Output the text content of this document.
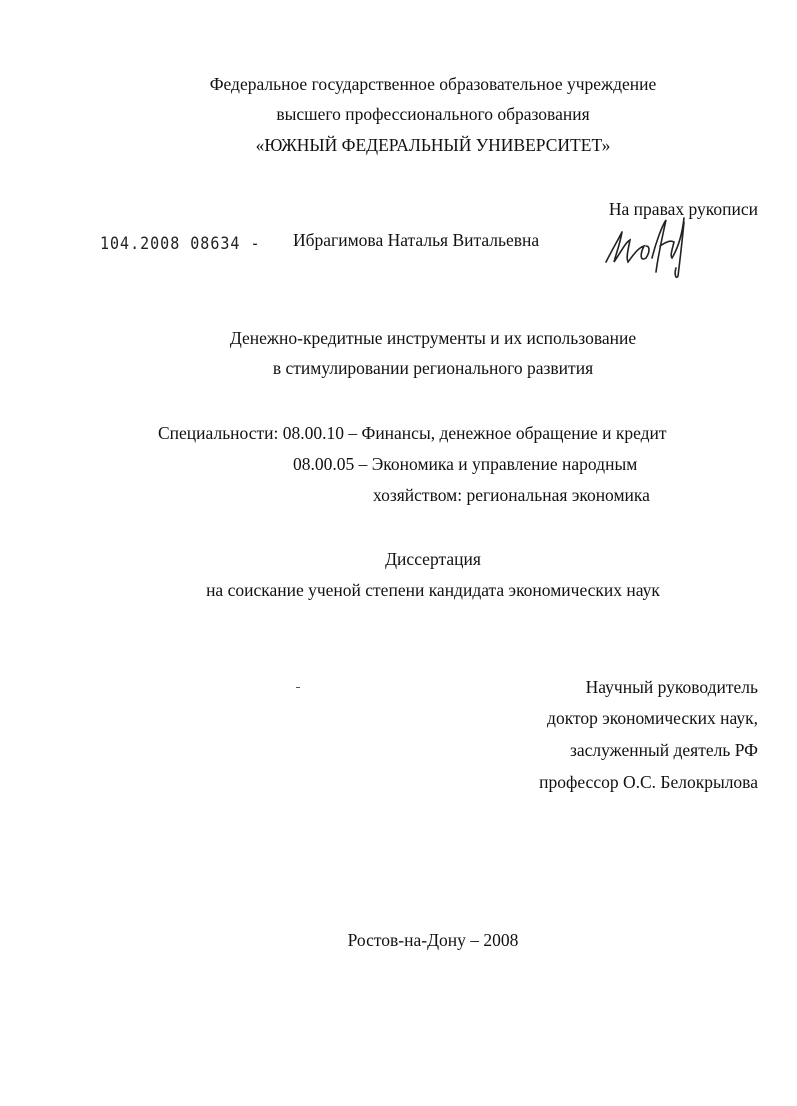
Федеральное государственное образовательное учреждение
высшего профессионального образования
«ЮЖНЫЙ ФЕДЕРАЛЬНЫЙ УНИВЕРСИТЕТ»
На правах рукописи
104.2008 08634 - Ибрагимова Наталья Витальевна
Денежно-кредитные инструменты и их использование
в стимулировании регионального развития
Специальности: 08.00.10 – Финансы, денежное обращение и кредит
08.00.05 – Экономика и управление народным
хозяйством: региональная экономика
Диссертация
на соискание ученой степени кандидата экономических наук
Научный руководитель
доктор экономических наук,
заслуженный деятель РФ
профессор О.С. Белокрылова
Ростов-на-Дону – 2008
